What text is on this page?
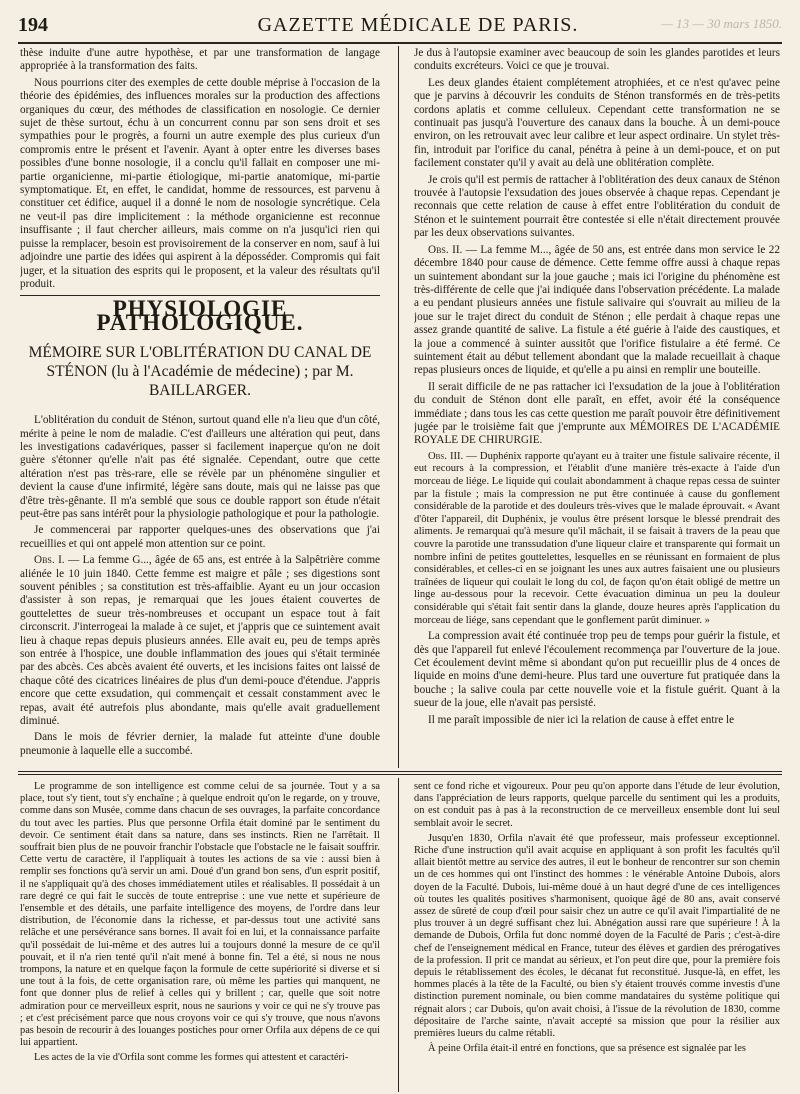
194	GAZETTE MÉDICALE DE PARIS.	— 13 — 30 mars 1850.

thèse induite d'une autre hypothèse, et par une transformation de langage appropriée à la transformation des faits.

Nous pourrions citer des exemples de cette double méprise à l'occasion de la théorie des épidémies, des influences morales sur la production des affections organiques du cœur, des méthodes de classification en nosologie. Ce dernier sujet de thèse surtout, échu à un concurrent connu par son sens droit et ses sympathies pour le progrès, a fourni un autre exemple des plus curieux d'un compromis entre le présent et l'avenir. Ayant à opter entre les diverses bases possibles d'une bonne nosologie, il a conclu qu'il fallait en composer une mi-partie organicienne, mi-partie étiologique, mi-partie anatomique, mi-partie symptomatique. Et, en effet, le candidat, homme de ressources, est parvenu à constituer cet édifice, auquel il a donné le nom de nosologie syncrétique. Cela ne veut-il pas dire implicitement : la méthode organicienne est reconnue insuffisante ; il faut chercher ailleurs, mais comme on n'a jusqu'ici rien qui puisse la remplacer, besoin est provisoirement de la conserver en nom, sauf à lui adjoindre une partie des idées qui aspirent à la déposséder. Compromis qui fait juger, et la situation des esprits qui le proposent, et la valeur des résultats qu'il produit.

PHYSIOLOGIE PATHOLOGIQUE.
MÉMOIRE SUR L'OBLITÉRATION DU CANAL DE STÉNON (lu à l'Académie de médecine) ; par M. BAILLARGER.

L'oblitération du conduit de Sténon, surtout quand elle n'a lieu que d'un côté, mérite à peine le nom de maladie. C'est d'ailleurs une altération qui peut, dans les investigations cadavériques, passer si facilement inaperçue qu'on ne doit guère s'étonner qu'elle n'ait pas été signalée. Cependant, outre que cette altération n'est pas très-rare, elle se révèle par un phénomène singulier et devient la cause d'une infirmité, légère sans doute, mais qui ne laisse pas que d'être très-gênante. Il m'a semblé que sous ce double rapport son étude n'était peut-être pas sans intérêt pour la physiologie pathologique et pour la pathologie.

Je commencerai par rapporter quelques-unes des observations que j'ai recueillies et qui ont appelé mon attention sur ce point.

Obs. I. — La femme G..., âgée de 65 ans, est entrée à la Salpêtrière comme aliénée le 10 juin 1840. Cette femme est maigre et pâle ; ses digestions sont souvent pénibles ; sa constitution est très-affaiblie. Ayant eu un jour occasion d'assister à son repas, je remarquai que les joues étaient couvertes de gouttelettes de sueur très-nombreuses et occupant un espace tout à fait circonscrit. J'interrogeai la malade à ce sujet, et j'appris que ce suintement avait lieu à chaque repas depuis plusieurs années. Elle avait eu, peu de temps après son entrée à l'hospice, une double inflammation des joues qui s'était terminée par des abcès. Ces abcès avaient été ouverts, et les incisions faites ont laissé de chaque côté des cicatrices linéaires de plus d'un demi-pouce d'étendue. J'appris encore que cette exsudation, qui commençait et cessait constamment avec le repas, avait été autrefois plus abondante, mais qu'elle avait graduellement diminué.

Dans le mois de février dernier, la malade fut atteinte d'une double pneumonie à laquelle elle a succombé.

Je dus à l'autopsie examiner avec beaucoup de soin les glandes parotides et leurs conduits excréteurs. Voici ce que je trouvai.

Les deux glandes étaient complétement atrophiées, et ce n'est qu'avec peine que je parvins à découvrir les conduits de Sténon transformés en de très-petits cordons aplatis et comme celluleux. Cependant cette transformation ne se continuait pas jusqu'à l'ouverture des canaux dans la bouche. À un demi-pouce environ, on les retrouvait avec leur calibre et leur aspect ordinaire. Un stylet très-fin, introduit par l'orifice du canal, pénétra à peine à un demi-pouce, et on put facilement constater qu'il y avait au delà une oblitération complète.

Je crois qu'il est permis de rattacher à l'oblitération des deux canaux de Sténon trouvée à l'autopsie l'exsudation des joues observée à chaque repas. Cependant je reconnais que cette relation de cause à effet entre l'oblitération du conduit de Sténon et le suintement pourrait être contestée si elle n'était directement prouvée par les deux observations suivantes.

Obs. II. — La femme M..., âgée de 50 ans, est entrée dans mon service le 22 décembre 1840 pour cause de démence. Cette femme offre aussi à chaque repas un suintement abondant sur la joue gauche ; mais ici l'origine du phénomène est très-différente de celle que j'ai indiquée dans l'observation précédente. La malade a eu pendant plusieurs années une fistule salivaire qui s'ouvrait au milieu de la joue sur le trajet direct du conduit de Sténon ; elle perdait à chaque repas une assez grande quantité de salive. La fistule a été guérie à l'aide des caustiques, et la joue a commencé à suinter aussitôt que l'orifice fistulaire a été fermé. Ce suintement était au début tellement abondant que la malade recueillait à chaque repas plusieurs onces de liquide, et qu'elle a pu ainsi en remplir une bouteille.

Il serait difficile de ne pas rattacher ici l'exsudation de la joue à l'oblitération du conduit de Sténon dont elle paraît, en effet, avoir été la conséquence immédiate ; dans tous les cas cette question me paraît pouvoir être définitivement jugée par le troisième fait que j'emprunte aux MÉMOIRES DE L'ACADÉMIE ROYALE DE CHIRURGIE.

Obs. III. — Duphénix rapporte qu'ayant eu à traiter une fistule salivaire récente, il eut recours à la compression, et l'établit d'une manière très-exacte à l'aide d'un morceau de liége. Le liquide qui coulait abondamment à chaque repas cessa de suinter par la fistule ; mais la compression ne put être continuée à cause du gonflement considérable de la parotide et des douleurs très-vives que le malade éprouvait. « Avant d'ôter l'appareil, dit Duphénix, je voulus être présent lorsque le blessé prendrait des aliments. Je remarquai qu'à mesure qu'il mâchait, il se faisait à travers de la peau que couvre la parotide une transsudation d'une liqueur claire et transparente qui formait un nombre infini de petites gouttelettes, lesquelles en se réunissant en formaient de plus considérables, et celles-ci en se joignant les unes aux autres faisaient une ou plusieurs traînées de liqueur qui coulait le long du col, de façon qu'on était obligé de mettre un linge au-dessous pour la recevoir. Cette évacuation diminua un peu la douleur considérable qui s'était fait sentir dans la glande, douze heures après l'application du morceau de liége, sans cependant que le gonflement parût diminuer. »

La compression avait été continuée trop peu de temps pour guérir la fistule, et dès que l'appareil fut enlevé l'écoulement recommença par l'ouverture de la joue. Cet écoulement devint même si abondant qu'on put recueillir plus de 4 onces de liquide en moins d'une demi-heure. Plus tard une ouverture fut pratiquée dans la bouche ; la salive coula par cette nouvelle voie et la fistule guérit. Quant à la sueur de la joue, elle n'avait pas persisté.

Il me paraît impossible de nier ici la relation de cause à effet entre le

Le programme de son intelligence est comme celui de sa journée. Tout y a sa place, tout s'y tient, tout s'y enchaîne ; à quelque endroit qu'on le regarde, on y trouve, comme dans son Musée, comme dans chacun de ses ouvrages, la parfaite concordance du tout avec les parties. Plus que personne Orfila était dominé par le sentiment du devoir. Ce sentiment était dans sa nature, dans ses instincts. Rien ne l'arrêtait. Il souffrait bien plus de ne pouvoir franchir l'obstacle que l'obstacle ne le faisait souffrir. Cette vertu de caractère, il l'appliquait à toutes les actions de sa vie : aussi bien à remplir ses fonctions qu'à servir un ami. Doué d'un grand bon sens, d'un esprit positif, il ne s'appliquait qu'à des choses immédiatement utiles et réalisables. Il possédait à un rare degré ce qui fait le succès de toute entreprise : une vue nette et supérieure de l'ensemble et des détails, une parfaite intelligence des moyens, de l'ordre dans leur distribution, de l'économie dans la richesse, et par-dessus tout une activité sans relâche et une persévérance sans bornes. Il avait foi en lui, et la connaissance parfaite qu'il possédait de lui-même et des autres lui a toujours donné la mesure de ce qu'il pouvait, et il n'a rien tenté qu'il n'ait mené à bonne fin. Tel a été, si nous ne nous trompons, la nature et en quelque façon la formule de cette supériorité si diverse et si une tout à la fois, de cette organisation rare, où même les parties qui manquent, ne font que donner plus de relief à celles qui y brillent ; car, quelle que soit notre admiration pour ce merveilleux esprit, nous ne saurions y voir ce qui ne s'y trouve pas ; et c'est précisément parce que nous croyons voir ce qui s'y trouve, que nous n'avons pas besoin de recourir à des louanges postiches pour orner Orfila aux dépens de ce qui lui appartient.

Les actes de la vie d'Orfila sont comme les formes qui attestent et caractéri-

sent ce fond riche et vigoureux. Pour peu qu'on apporte dans l'étude de leur évolution, dans l'appréciation de leurs rapports, quelque parcelle du sentiment qui les a produits, on est conduit pas à pas à la reconstruction de ce merveilleux ensemble dont lui seul semblait avoir le secret.

Jusqu'en 1830, Orfila n'avait été que professeur, mais professeur exceptionnel. Riche d'une instruction qu'il avait acquise en appliquant à son profit les facultés qu'il allait bientôt mettre au service des autres, il eut le bonheur de rencontrer sur son chemin un de ces hommes qui ont l'instinct des hommes : le vénérable Antoine Dubois, alors doyen de la Faculté. Dubois, lui-même doué à un haut degré d'une de ces intelligences où toutes les qualités positives s'harmonisent, quoique âgé de 80 ans, avait conservé assez de sûreté de coup d'œil pour saisir chez un autre ce qu'il avait l'impartialité de ne plus trouver à un degré suffisant chez lui. Abnégation aussi rare que supérieure ! À la demande de Dubois, Orfila fut donc nommé doyen de la Faculté de Paris ; c'est-à-dire chef de l'enseignement médical en France, tuteur des élèves et gardien des prérogatives de la profession. Il prit ce mandat au sérieux, et l'on peut dire que, pour la première fois depuis le rétablissement des écoles, le décanat fut reconstitué. Jusque-là, en effet, les hommes placés à la tête de la Faculté, ou bien s'y étaient trouvés comme investis d'une distinction purement nominale, ou bien comme mandataires du système politique qui régnait alors ; car Dubois, qu'on avait choisi, à l'issue de la révolution de 1830, comme dépositaire de l'arche sainte, n'avait accepté sa mission que pour la résilier aux premières lueurs du calme rétabli.

À peine Orfila était-il entré en fonctions, que sa présence est signalée par les
